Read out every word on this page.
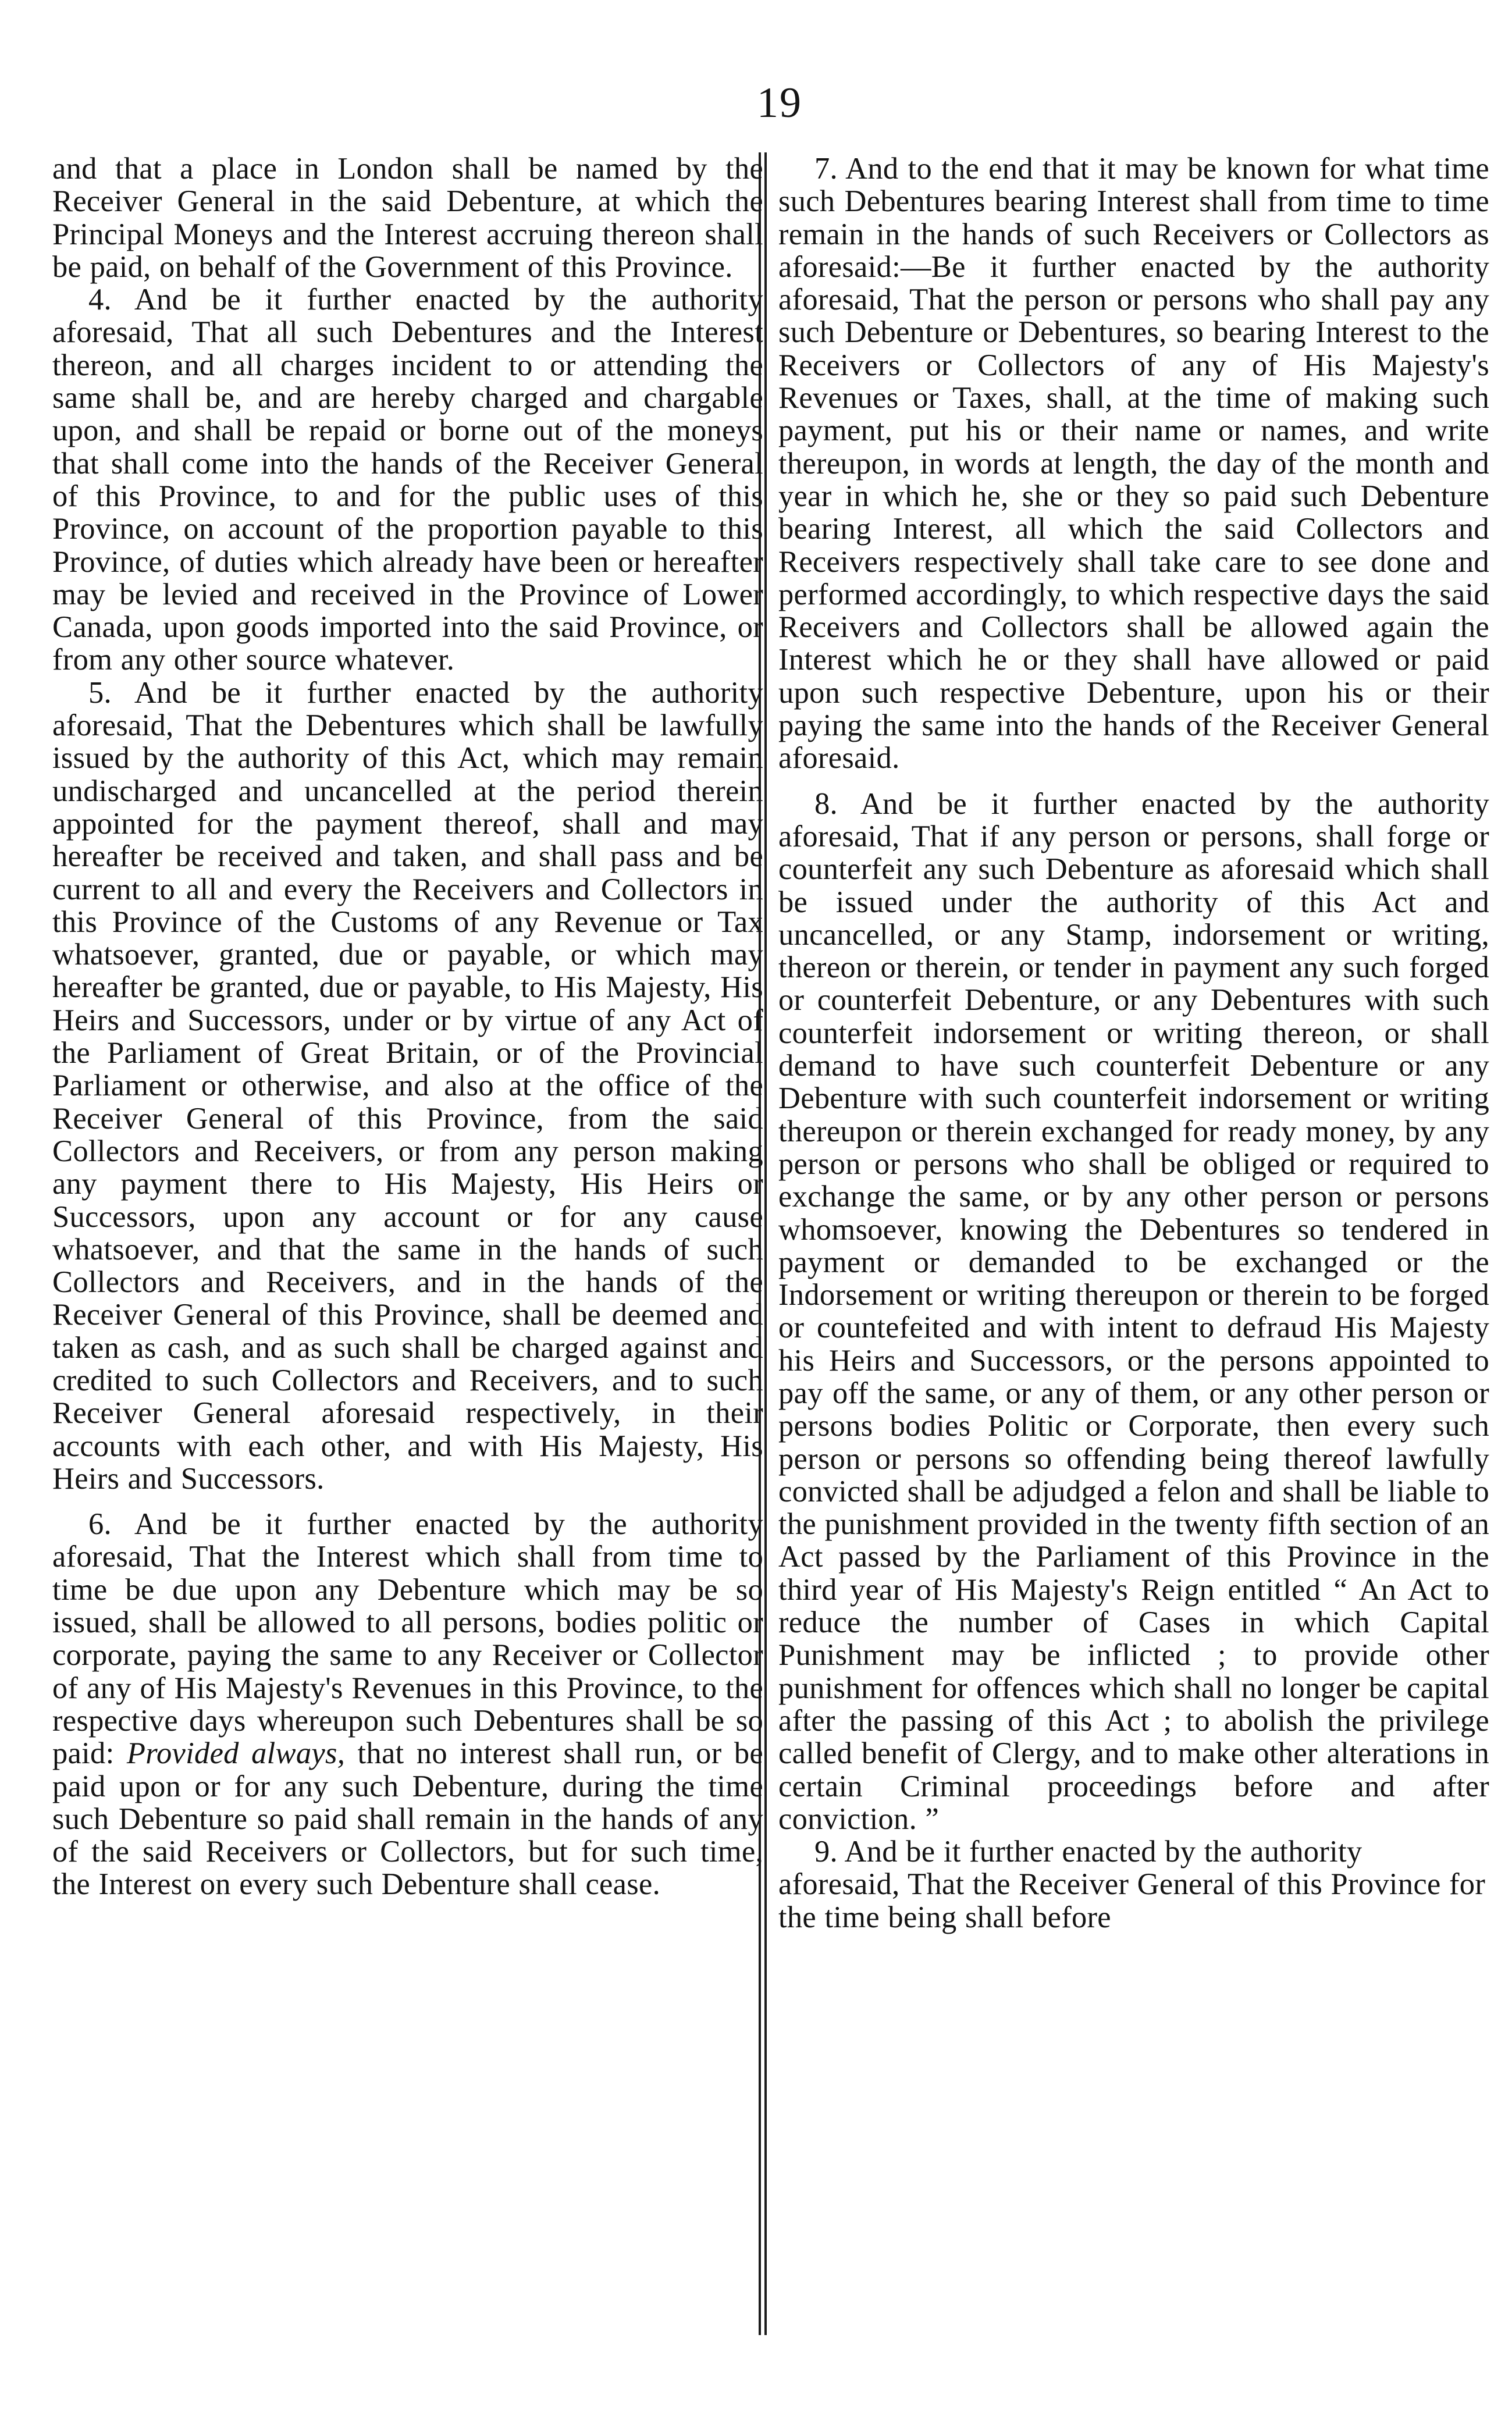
19

and that a place in London shall be named by the Receiver General in the said Debenture, at which the Principal Moneys and the Interest accruing thereon shall be paid, on behalf of the Government of this Province.

4. And be it further enacted by the authority aforesaid, That all such Debentures and the Interest thereon, and all charges incident to or attending the same shall be, and are hereby charged and chargable upon, and shall be repaid or borne out of the moneys that shall come into the hands of the Receiver General of this Province, to and for the public uses of this Province, on account of the proportion payable to this Province, of duties which already have been or hereafter may be levied and received in the Province of Lower Canada, upon goods imported into the said Province, or from any other source whatever.

5. And be it further enacted by the authority aforesaid, That the Debentures which shall be lawfully issued by the authority of this Act, which may remain undischarged and uncancelled at the period therein appointed for the payment thereof, shall and may hereafter be received and taken, and shall pass and be current to all and every the Receivers and Collectors in this Province of the Customs of any Revenue or Tax whatsoever, granted, due or payable, or which may hereafter be granted, due or payable, to His Majesty, His Heirs and Successors, under or by virtue of any Act of the Parliament of Great Britain, or of the Provincial Parliament or otherwise, and also at the office of the Receiver General of this Province, from the said Collectors and Receivers, or from any person making any payment there to His Majesty, His Heirs or Successors, upon any account or for any cause whatsoever, and that the same in the hands of such Collectors and Receivers, and in the hands of the Receiver General of this Province, shall be deemed and taken as cash, and as such shall be charged against and credited to such Collectors and Receivers, and to such Receiver General aforesaid respectively, in their accounts with each other, and with His Majesty, His Heirs and Successors.

6. And be it further enacted by the authority aforesaid, That the Interest which shall from time to time be due upon any Debenture which may be so issued, shall be allowed to all persons, bodies politic or corporate, paying the same to any Receiver or Collector of any of His Majesty's Revenues in this Province, to the respective days whereupon such Debentures shall be so paid: Provided always, that no interest shall run, or be paid upon or for any such Debenture, during the time such Debenture so paid shall remain in the hands of any of the said Receivers or Collectors, but for such time, the Interest on every such Debenture shall cease.

7. And to the end that it may be known for what time such Debentures bearing Interest shall from time to time remain in the hands of such Receivers or Collectors as aforesaid:—Be it further enacted by the authority aforesaid, That the person or persons who shall pay any such Debenture or Debentures, so bearing Interest to the Receivers or Collectors of any of His Majesty's Revenues or Taxes, shall, at the time of making such payment, put his or their name or names, and write thereupon, in words at length, the day of the month and year in which he, she or they so paid such Debenture bearing Interest, all which the said Collectors and Receivers respectively shall take care to see done and performed accordingly, to which respective days the said Receivers and Collectors shall be allowed again the Interest which he or they shall have allowed or paid upon such respective Debenture, upon his or their paying the same into the hands of the Receiver General aforesaid.

8. And be it further enacted by the authority aforesaid, That if any person or persons, shall forge or counterfeit any such Debenture as aforesaid which shall be issued under the authority of this Act and uncancelled, or any Stamp, indorsement or writing, thereon or therein, or tender in payment any such forged or counterfeit Debenture, or any Debentures with such counterfeit indorsement or writing thereon, or shall demand to have such counterfeit Debenture or any Debenture with such counterfeit indorsement or writing thereupon or therein exchanged for ready money, by any person or persons who shall be obliged or required to exchange the same, or by any other person or persons whomsoever, knowing the Debentures so tendered in payment or demanded to be exchanged or the Indorsement or writing thereupon or therein to be forged or countefeited and with intent to defraud His Majesty his Heirs and Successors, or the persons appointed to pay off the same, or any of them, or any other person or persons bodies Politic or Corporate, then every such person or persons so offending being thereof lawfully convicted shall be adjudged a felon and shall be liable to the punishment provided in the twenty fifth section of an Act passed by the Parliament of this Province in the third year of His Majesty's Reign entitled “ An Act to reduce the number of Cases in which Capital Punishment may be inflicted ; to provide other punishment for offences which shall no longer be capital after the passing of this Act ; to abolish the privilege called benefit of Clergy, and to make other alterations in certain Criminal proceedings before and after conviction. ”

9. And be it further enacted by the authority aforesaid, That the Receiver General of this Province for the time being shall before
